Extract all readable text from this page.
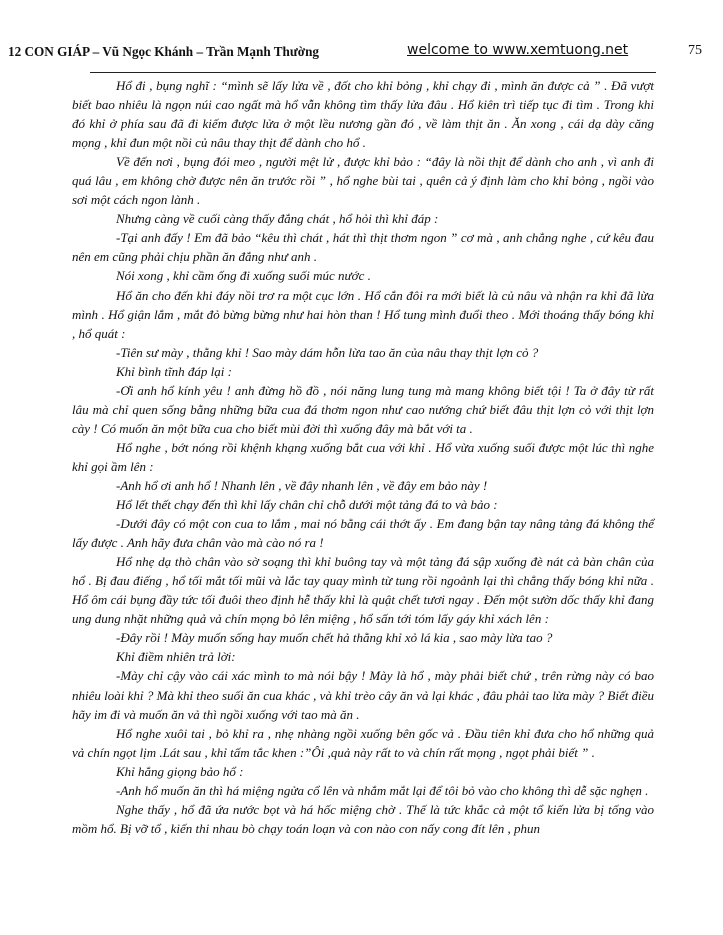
12 CON GIÁP – Vũ Ngọc Khánh – Trần Mạnh Thường	welcome to www.xemtuong.net	75

Hổ đi , bụng nghĩ : “mình sẽ lấy lửa về , đốt cho khỉ bỏng , khỉ chạy đi , mình ăn được cả ” . Đã vượt biết bao nhiêu là ngọn núi cao ngất mà hổ vẫn không tìm thấy lửa đâu . Hổ kiên trì tiếp tục đi tìm . Trong khi đó khỉ ở phía sau đã đi kiếm được lửa ở một lều nương gần đó , về làm thịt ăn . Ăn xong , cái dạ dày căng mọng , khỉ đun một nồi củ nâu thay thịt để dành cho hổ .

Về đến nơi , bụng đói meo , người mệt lử , được khỉ bảo : “đây là nồi thịt để dành cho anh , vì anh đi quá lâu , em không chờ được nên ăn trước rồi ” , hổ nghe bùi tai , quên cả ý định làm cho khỉ bỏng , ngồi vào sơi một cách ngon lành .

Nhưng càng về cuối càng thấy đắng chát , hổ hỏi thì khỉ đáp :

-Tại anh đấy ! Em đã bảo “kêu thì chát , hát thì thịt thơm ngon ” cơ mà , anh chẳng nghe , cứ kêu đau nên em cũng phải chịu phần ăn đắng như anh .

Nói xong , khỉ cầm ống đi xuống suối múc nước .

Hổ ăn cho đến khi đáy nồi trơ ra một cục lớn . Hổ cắn đôi ra mới biết là củ nâu và nhận ra khỉ đã lừa mình . Hổ giận lắm , mắt đỏ bừng bừng như hai hòn than ! Hổ tung mình đuổi theo . Mới thoáng thấy bóng khỉ , hổ quát :

-Tiên sư mày , thằng khỉ ! Sao mày dám hỗn lừa tao ăn của nâu thay thịt lợn cỏ ?

Khỉ bình tĩnh đáp lại :

-Ơi anh hổ kính yêu ! anh đừng hồ đồ , nói năng lung tung mà mang không biết tội ! Ta ở đây từ rất lâu mà chỉ quen sống bằng những bữa cua đá thơm ngon như cao nướng chứ biết đâu thịt lợn cỏ với thịt lợn cày ! Có muốn ăn một bữa cua cho biết mùi đời thì xuống đây mà bắt với ta .

Hổ nghe , bớt nóng rồi khệnh khạng xuống bắt cua với khỉ . Hổ vừa xuống suối được một lúc thì nghe khỉ gọi ầm lên :

-Anh hổ ơi anh hổ ! Nhanh lên , về đây nhanh lên , về đây em bảo này !

Hổ lết thết chạy đến thì khỉ lấy chân chỉ chỗ dưới một tảng đá to và bảo :

-Dưới đây có một con cua to lắm , mai nó bằng cái thớt ấy . Em đang bận tay nâng tảng đá không thể lấy được . Anh hãy đưa chân vào mà cào nó ra !

Hổ nhẹ dạ thò chân vào sờ soạng thì khỉ buông tay và một tảng đá sập xuống đè nát cả bàn chân của hổ . Bị đau điếng , hổ tối mắt tối mũi và lắc tay quay mình từ tung rồi ngoảnh lại thì chẳng thấy bóng khỉ nữa . Hổ ôm cái bụng đầy tức tối đuôi theo định hễ thấy khỉ là quật chết tươi ngay . Đến một sườn dốc thấy khỉ đang ung dung nhặt những quả vả chín mọng bỏ lên miệng , hổ sấn tới tóm lấy gáy khỉ xách lên :

-Đây rồi ! Mày muốn sống hay muốn chết hả thằng khỉ xỏ lá kia , sao mày lừa tao ?

Khỉ điềm nhiên trả lời:

-Mày chỉ cậy vào cái xác mình to mà nói bậy ! Mày là hổ , mày phải biết chứ , trên rừng này có bao nhiêu loài khỉ ? Mà khỉ theo suối ăn cua khác , và khỉ trèo cây ăn vả lại khác , đâu phải tao lừa mày ? Biết điều hãy im đi và muốn ăn vả thì ngồi xuống với tao mà ăn .

Hổ nghe xuôi tai , bỏ khỉ ra , nhẹ nhàng ngồi xuống bên gốc vả . Đầu tiên khỉ đưa cho hổ những quả vả chín ngọt lịm .Lát sau , khỉ tấm tắc khen :”Ôi ,quả này rất to và chín rất mọng , ngọt phải biết ” .

Khỉ hắng giọng bảo hổ :

-Anh hổ muốn ăn thì há miệng ngửa cổ lên và nhắm mắt lại để tôi bỏ vào cho không thì dễ sặc nghẹn .

Nghe thấy , hổ đã ứa nước bọt và há hốc miệng chờ . Thế là tức khắc cả một tổ kiến lửa bị tống vào mồm hổ. Bị vỡ tổ , kiến thi nhau bò chạy toán loạn và con nào con nấy cong đít lên , phun
